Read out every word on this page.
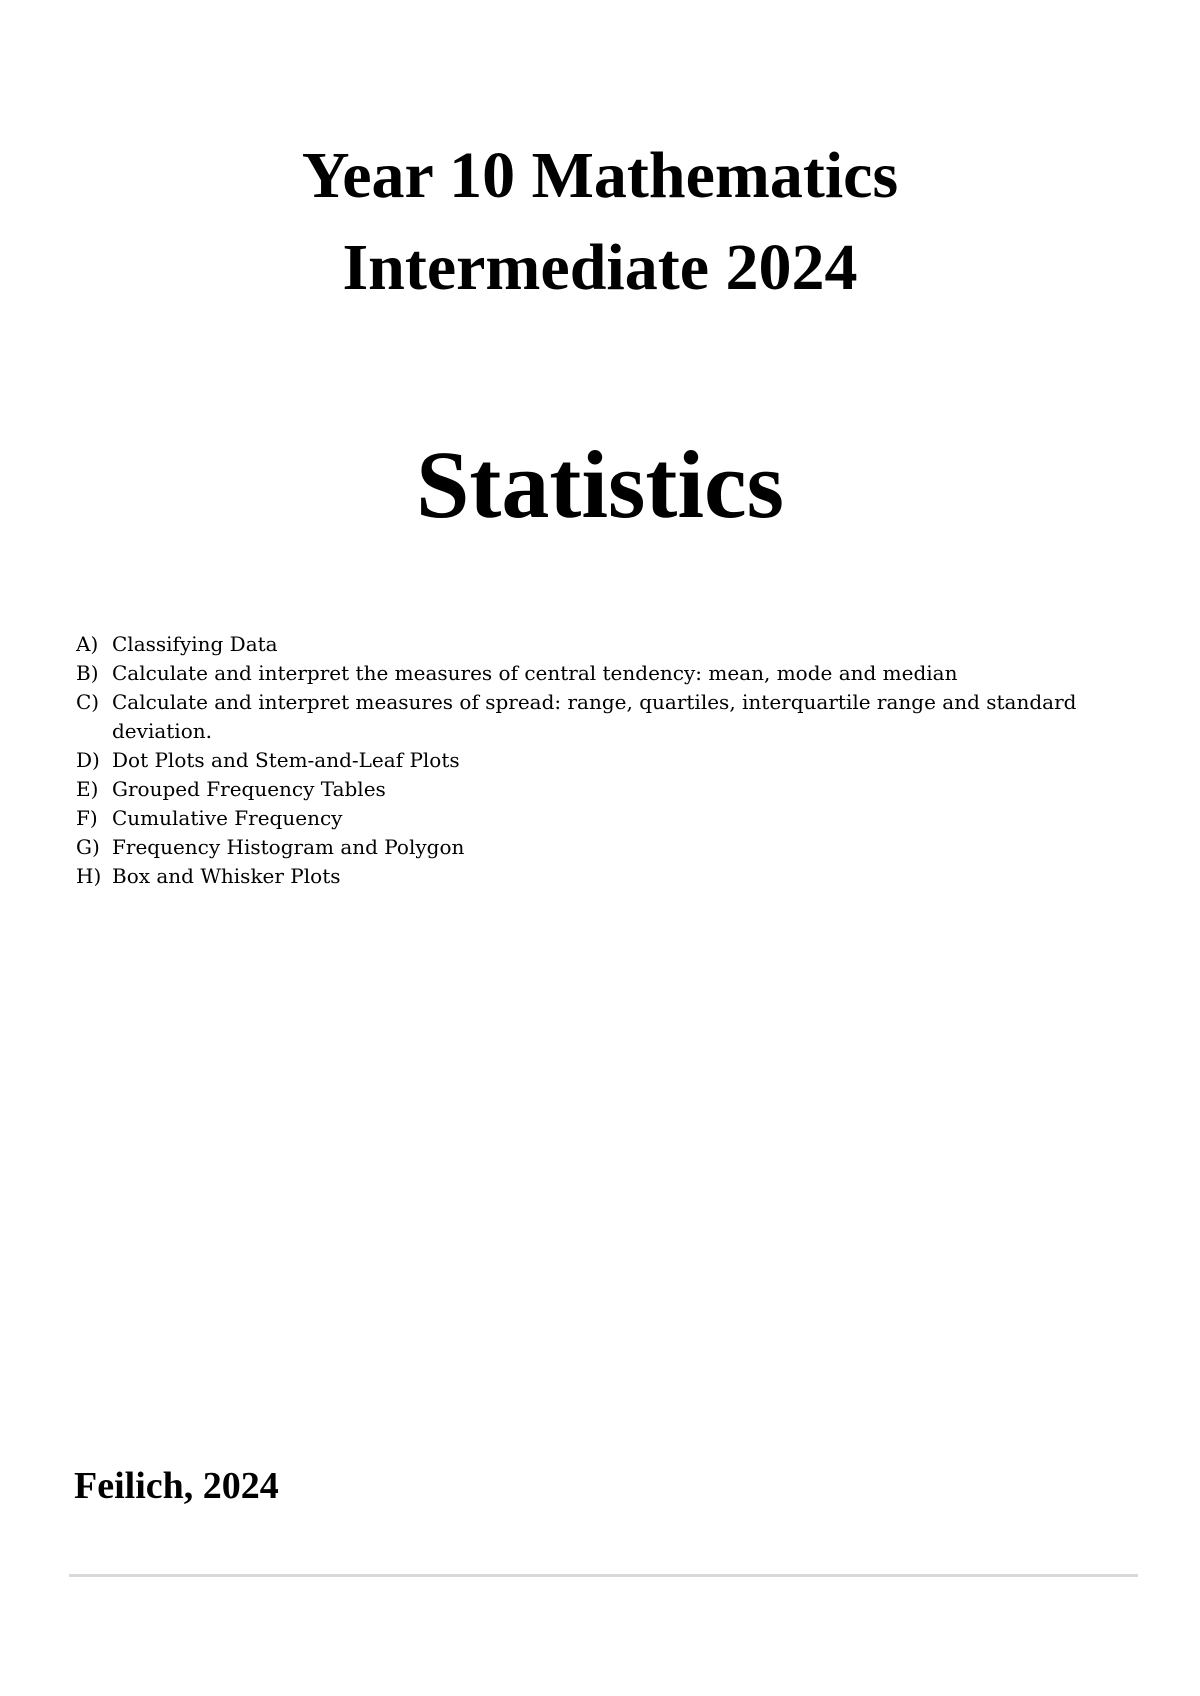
Year 10 Mathematics
Intermediate 2024
Statistics
A) Classifying Data
B) Calculate and interpret the measures of central tendency: mean, mode and median
C) Calculate and interpret measures of spread: range, quartiles, interquartile range and standard deviation.
D) Dot Plots and Stem-and-Leaf Plots
E) Grouped Frequency Tables
F) Cumulative Frequency
G) Frequency Histogram and Polygon
H) Box and Whisker Plots

Feilich, 2024
